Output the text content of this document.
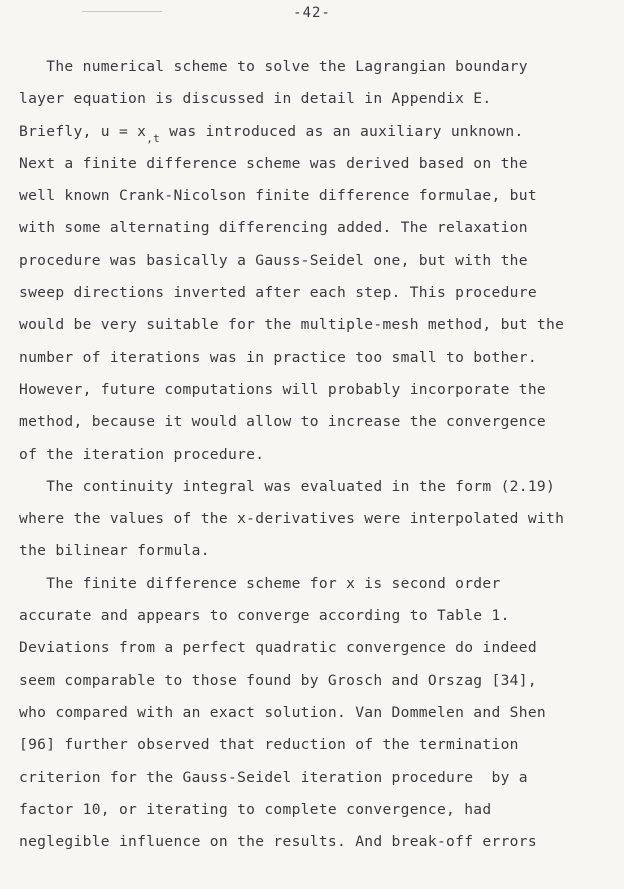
-42-
The numerical scheme to solve the Lagrangian boundary
layer equation is discussed in detail in Appendix E.
Briefly, $u = x_{,t}$ was introduced as an auxiliary unknown.
Next a finite difference scheme was derived based on the
well known Crank-Nicolson finite difference formulae, but
with some alternating differencing added. The relaxation
procedure was basically a Gauss-Seidel one, but with the
sweep directions inverted after each step. This procedure
would be very suitable for the multiple-mesh method, but the
number of iterations was in practice too small to bother.
However, future computations will probably incorporate the
method, because it would allow to increase the convergence
of the iteration procedure.
The continuity integral was evaluated in the form (2.19)
where the values of the x-derivatives were interpolated with
the bilinear formula.
The finite difference scheme for x is second order
accurate and appears to converge according to Table 1.
Deviations from a perfect quadratic convergence do indeed
seem comparable to those found by Grosch and Orszag [34],
who compared with an exact solution. Van Dommelen and Shen
[96] further observed that reduction of the termination
criterion for the Gauss-Seidel iteration procedure  by a
factor 10, or iterating to complete convergence, had
neglegible influence on the results. And break-off errors
